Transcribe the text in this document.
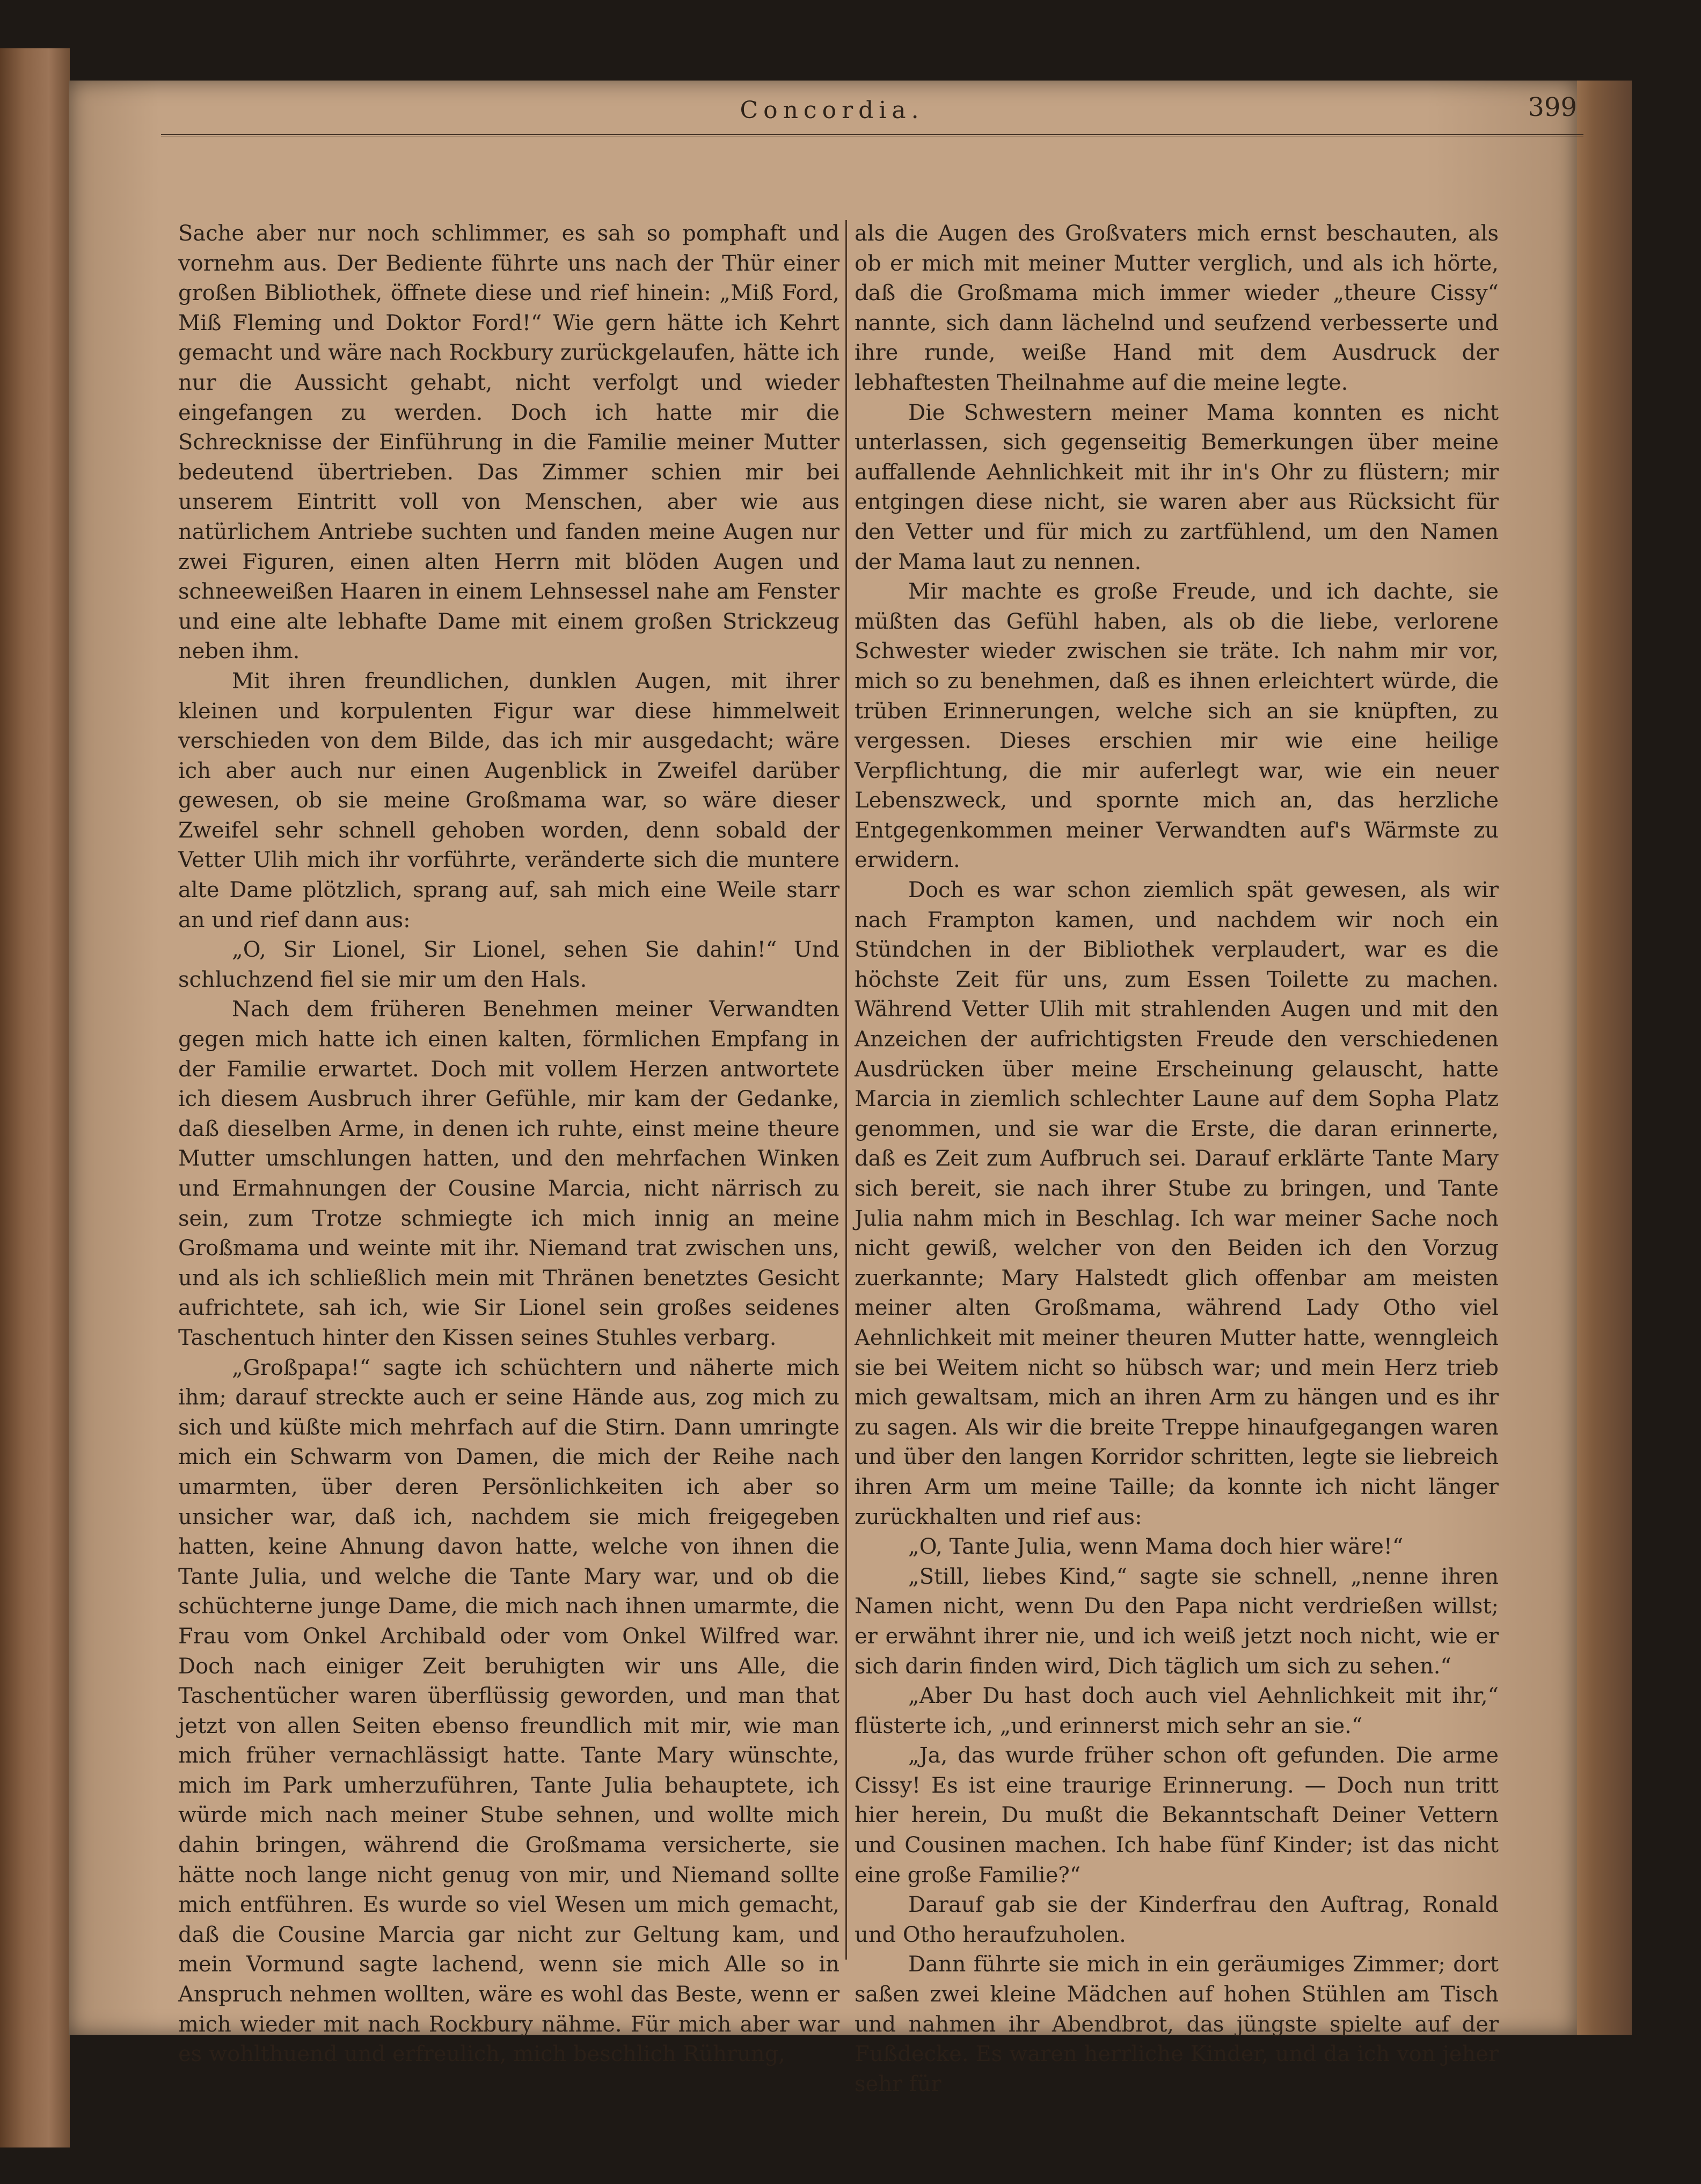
Concordia.	399

Sache aber nur noch schlimmer, es sah so pomphaft und vornehm aus. Der Bediente führte uns nach der Thür einer großen Bibliothek, öffnete diese und rief hinein: „Miß Ford, Miß Fleming und Doktor Ford!“ Wie gern hätte ich Kehrt gemacht und wäre nach Rockbury zurückgelaufen, hätte ich nur die Aussicht gehabt, nicht verfolgt und wieder eingefangen zu werden. Doch ich hatte mir die Schrecknisse der Einführung in die Familie meiner Mutter bedeutend übertrieben. Das Zimmer schien mir bei unserem Eintritt voll von Menschen, aber wie aus natürlichem Antriebe suchten und fanden meine Augen nur zwei Figuren, einen alten Herrn mit blöden Augen und schneeweißen Haaren in einem Lehnsessel nahe am Fenster und eine alte lebhafte Dame mit einem großen Strickzeug neben ihm.

Mit ihren freundlichen, dunklen Augen, mit ihrer kleinen und korpulenten Figur war diese himmelweit verschieden von dem Bilde, das ich mir ausgedacht; wäre ich aber auch nur einen Augenblick in Zweifel darüber gewesen, ob sie meine Großmama war, so wäre dieser Zweifel sehr schnell gehoben worden, denn sobald der Vetter Ulih mich ihr vorführte, veränderte sich die muntere alte Dame plötzlich, sprang auf, sah mich eine Weile starr an und rief dann aus:

„O, Sir Lionel, Sir Lionel, sehen Sie dahin!“ Und schluchzend fiel sie mir um den Hals.

Nach dem früheren Benehmen meiner Verwandten gegen mich hatte ich einen kalten, förmlichen Empfang in der Familie erwartet. Doch mit vollem Herzen antwortete ich diesem Ausbruch ihrer Gefühle, mir kam der Gedanke, daß dieselben Arme, in denen ich ruhte, einst meine theure Mutter umschlungen hatten, und den mehrfachen Winken und Ermahnungen der Cousine Marcia, nicht närrisch zu sein, zum Trotze schmiegte ich mich innig an meine Großmama und weinte mit ihr. Niemand trat zwischen uns, und als ich schließlich mein mit Thränen benetztes Gesicht aufrichtete, sah ich, wie Sir Lionel sein großes seidenes Taschentuch hinter den Kissen seines Stuhles verbarg.

„Großpapa!“ sagte ich schüchtern und näherte mich ihm; darauf streckte auch er seine Hände aus, zog mich zu sich und küßte mich mehrfach auf die Stirn. Dann umringte mich ein Schwarm von Damen, die mich der Reihe nach umarmten, über deren Persönlichkeiten ich aber so unsicher war, daß ich, nachdem sie mich freigegeben hatten, keine Ahnung davon hatte, welche von ihnen die Tante Julia, und welche die Tante Mary war, und ob die schüchterne junge Dame, die mich nach ihnen umarmte, die Frau vom Onkel Archibald oder vom Onkel Wilfred war. Doch nach einiger Zeit beruhigten wir uns Alle, die Taschentücher waren überflüssig geworden, und man that jetzt von allen Seiten ebenso freundlich mit mir, wie man mich früher vernachlässigt hatte. Tante Mary wünschte, mich im Park umherzuführen, Tante Julia behauptete, ich würde mich nach meiner Stube sehnen, und wollte mich dahin bringen, während die Großmama versicherte, sie hätte noch lange nicht genug von mir, und Niemand sollte mich entführen. Es wurde so viel Wesen um mich gemacht, daß die Cousine Marcia gar nicht zur Geltung kam, und mein Vormund sagte lachend, wenn sie mich Alle so in Anspruch nehmen wollten, wäre es wohl das Beste, wenn er mich wieder mit nach Rockbury nähme. Für mich aber war es wohlthuend und erfreulich, mich beschlich Rührung,

als die Augen des Großvaters mich ernst beschauten, als ob er mich mit meiner Mutter verglich, und als ich hörte, daß die Großmama mich immer wieder „theure Cissy“ nannte, sich dann lächelnd und seufzend verbesserte und ihre runde, weiße Hand mit dem Ausdruck der lebhaftesten Theilnahme auf die meine legte.

Die Schwestern meiner Mama konnten es nicht unterlassen, sich gegenseitig Bemerkungen über meine auffallende Aehnlichkeit mit ihr in's Ohr zu flüstern; mir entgingen diese nicht, sie waren aber aus Rücksicht für den Vetter und für mich zu zartfühlend, um den Namen der Mama laut zu nennen.

Mir machte es große Freude, und ich dachte, sie müßten das Gefühl haben, als ob die liebe, verlorene Schwester wieder zwischen sie träte. Ich nahm mir vor, mich so zu benehmen, daß es ihnen erleichtert würde, die trüben Erinnerungen, welche sich an sie knüpften, zu vergessen. Dieses erschien mir wie eine heilige Verpflichtung, die mir auferlegt war, wie ein neuer Lebenszweck, und spornte mich an, das herzliche Entgegenkommen meiner Verwandten auf's Wärmste zu erwidern.

Doch es war schon ziemlich spät gewesen, als wir nach Frampton kamen, und nachdem wir noch ein Stündchen in der Bibliothek verplaudert, war es die höchste Zeit für uns, zum Essen Toilette zu machen. Während Vetter Ulih mit strahlenden Augen und mit den Anzeichen der aufrichtigsten Freude den verschiedenen Ausdrücken über meine Erscheinung gelauscht, hatte Marcia in ziemlich schlechter Laune auf dem Sopha Platz genommen, und sie war die Erste, die daran erinnerte, daß es Zeit zum Aufbruch sei. Darauf erklärte Tante Mary sich bereit, sie nach ihrer Stube zu bringen, und Tante Julia nahm mich in Beschlag. Ich war meiner Sache noch nicht gewiß, welcher von den Beiden ich den Vorzug zuerkannte; Mary Halstedt glich offenbar am meisten meiner alten Großmama, während Lady Otho viel Aehnlichkeit mit meiner theuren Mutter hatte, wenngleich sie bei Weitem nicht so hübsch war; und mein Herz trieb mich gewaltsam, mich an ihren Arm zu hängen und es ihr zu sagen. Als wir die breite Treppe hinaufgegangen waren und über den langen Korridor schritten, legte sie liebreich ihren Arm um meine Taille; da konnte ich nicht länger zurückhalten und rief aus:

„O, Tante Julia, wenn Mama doch hier wäre!“

„Still, liebes Kind,“ sagte sie schnell, „nenne ihren Namen nicht, wenn Du den Papa nicht verdrießen willst; er erwähnt ihrer nie, und ich weiß jetzt noch nicht, wie er sich darin finden wird, Dich täglich um sich zu sehen.“

„Aber Du hast doch auch viel Aehnlichkeit mit ihr,“ flüsterte ich, „und erinnerst mich sehr an sie.“

„Ja, das wurde früher schon oft gefunden. Die arme Cissy! Es ist eine traurige Erinnerung. — Doch nun tritt hier herein, Du mußt die Bekanntschaft Deiner Vettern und Cousinen machen. Ich habe fünf Kinder; ist das nicht eine große Familie?“

Darauf gab sie der Kinderfrau den Auftrag, Ronald und Otho heraufzuholen.

Dann führte sie mich in ein geräumiges Zimmer; dort saßen zwei kleine Mädchen auf hohen Stühlen am Tisch und nahmen ihr Abendbrot, das jüngste spielte auf der Fußdecke. Es waren herrliche Kinder, und da ich von jeher sehr für
